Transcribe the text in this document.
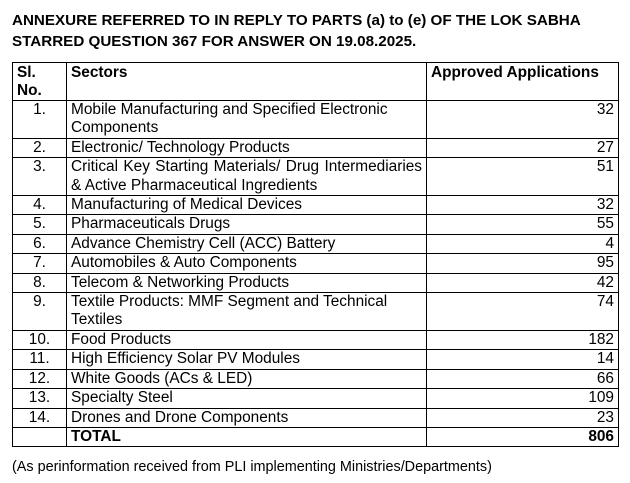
ANNEXURE REFERRED TO IN REPLY TO PARTS (a) to (e) OF THE LOK SABHA
STARRED QUESTION 367 FOR ANSWER ON 19.08.2025.

Sl.
No.	Sectors	Approved Applications
1.	Mobile Manufacturing and Specified Electronic Components	32
2.	Electronic/ Technology Products	27
3.	Critical Key Starting Materials/ Drug Intermediaries & Active Pharmaceutical Ingredients	51
4.	Manufacturing of Medical Devices	32
5.	Pharmaceuticals Drugs	55
6.	Advance Chemistry Cell (ACC) Battery	4
7.	Automobiles & Auto Components	95
8.	Telecom & Networking Products	42
9.	Textile Products: MMF Segment and Technical Textiles	74
10.	Food Products	182
11.	High Efficiency Solar PV Modules	14
12.	White Goods (ACs & LED)	66
13.	Specialty Steel	109
14.	Drones and Drone Components	23
	TOTAL	806
(As perinformation received from PLI implementing Ministries/Departments)
